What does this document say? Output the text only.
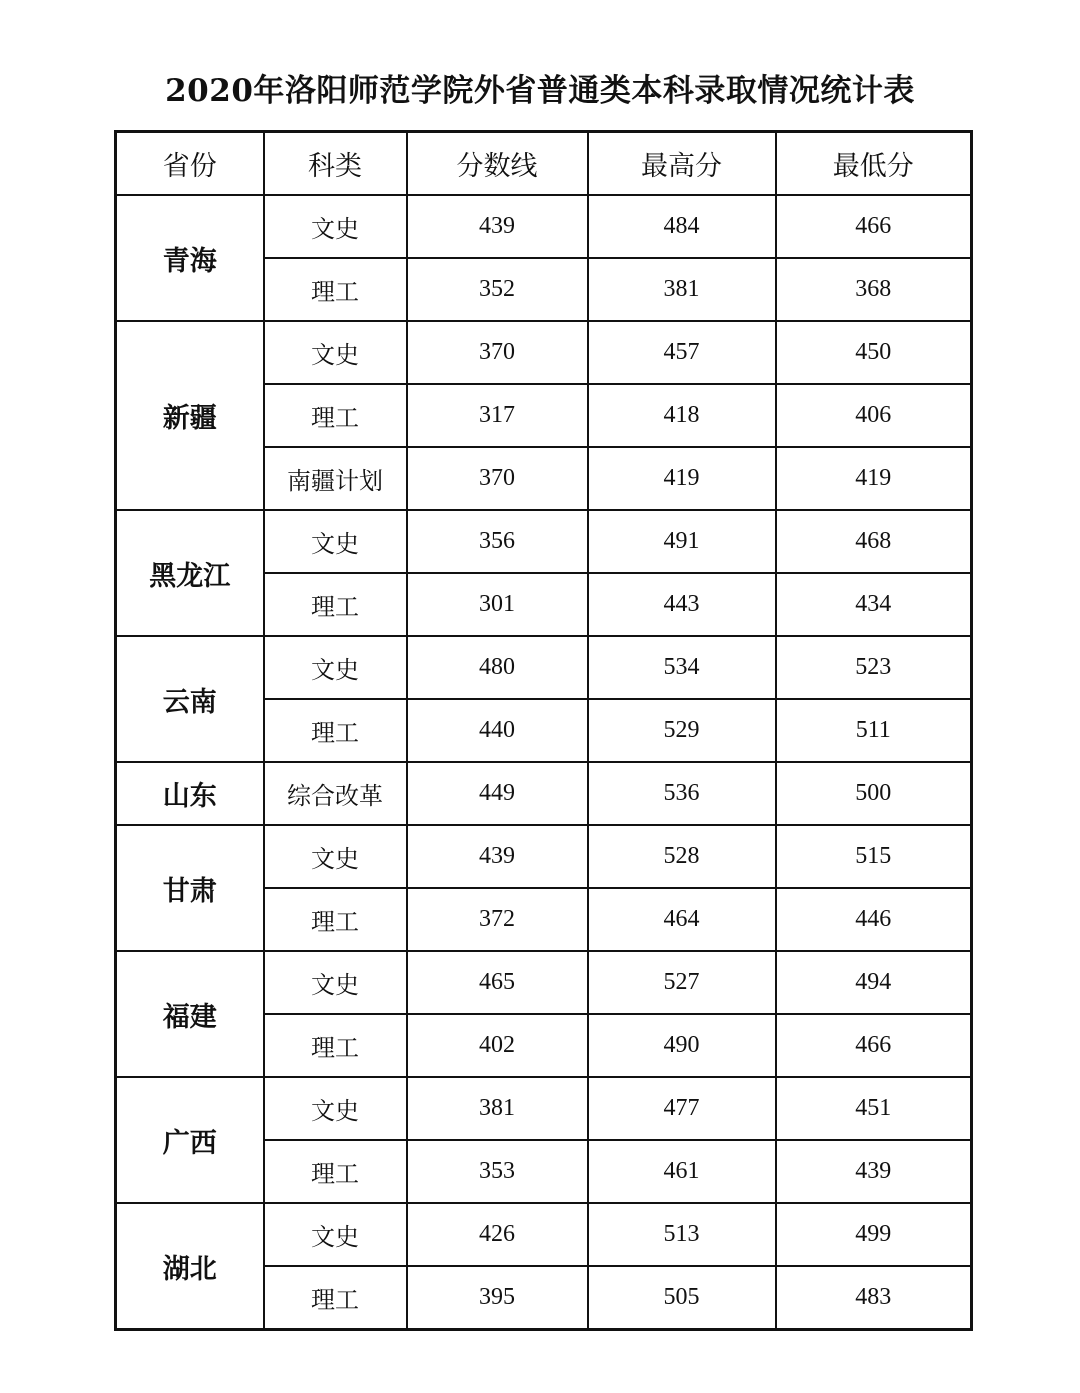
2020年洛阳师范学院外省普通类本科录取情况统计表
省份	科类	分数线	最高分	最低分
青海	文史	439	484	466
	理工	352	381	368
新疆	文史	370	457	450
	理工	317	418	406
	南疆计划	370	419	419
黑龙江	文史	356	491	468
	理工	301	443	434
云南	文史	480	534	523
	理工	440	529	511
山东	综合改革	449	536	500
甘肃	文史	439	528	515
	理工	372	464	446
福建	文史	465	527	494
	理工	402	490	466
广西	文史	381	477	451
	理工	353	461	439
湖北	文史	426	513	499
	理工	395	505	483
